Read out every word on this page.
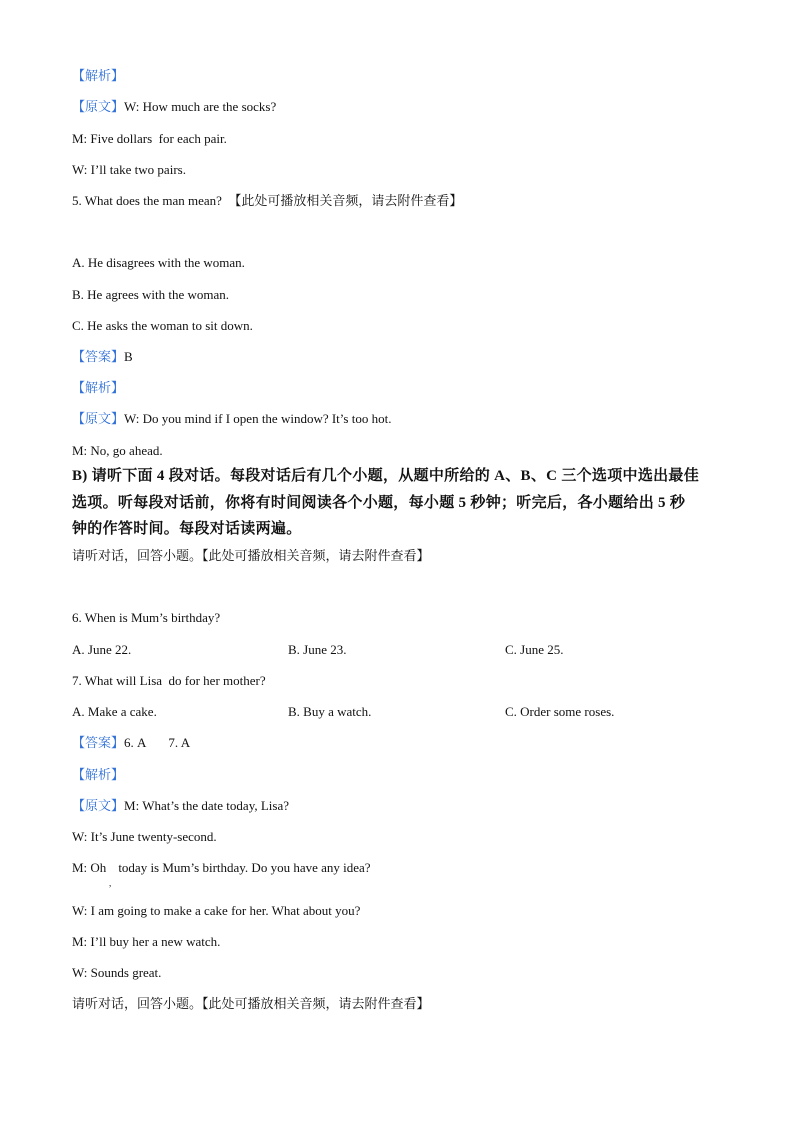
【解析】
【原文】W: How much are the socks?
M: Five dollars  for each pair.
W: I’ll take two pairs.
5. What does the man mean?  【此处可播放相关音频，请去附件查看】
A. He disagrees with the woman.
B. He agrees with the woman.
C. He asks the woman to sit down.
【答案】B
【解析】
【原文】W: Do you mind if I open the window? It’s too hot.
M: No, go ahead.
B) 请听下面 4 段对话。每段对话后有几个小题，从题中所给的 A、B、C 三个选项中选出最佳
选项。听每段对话前，你将有时间阅读各个小题，每小题 5 秒钟；听完后，各小题给出 5 秒
钟的作答时间。每段对话读两遍。
请听对话，回答小题。【此处可播放相关音频，请去附件查看】
6. When is Mum’s birthday?
A. June 22.	B. June 23.	C. June 25.
7. What will Lisa  do for her mother?
A. Make a cake.	B. Buy a watch.	C. Order some roses.
【答案】6. A       7. A
【解析】
【原文】M: What’s the date today, Lisa?
W: It’s June twenty-second.
M: Oh today is Mum’s birthday. Do you have any idea?
,
W: I am going to make a cake for her. What about you?
M: I’ll buy her a new watch.
W: Sounds great.
请听对话，回答小题。【此处可播放相关音频，请去附件查看】
